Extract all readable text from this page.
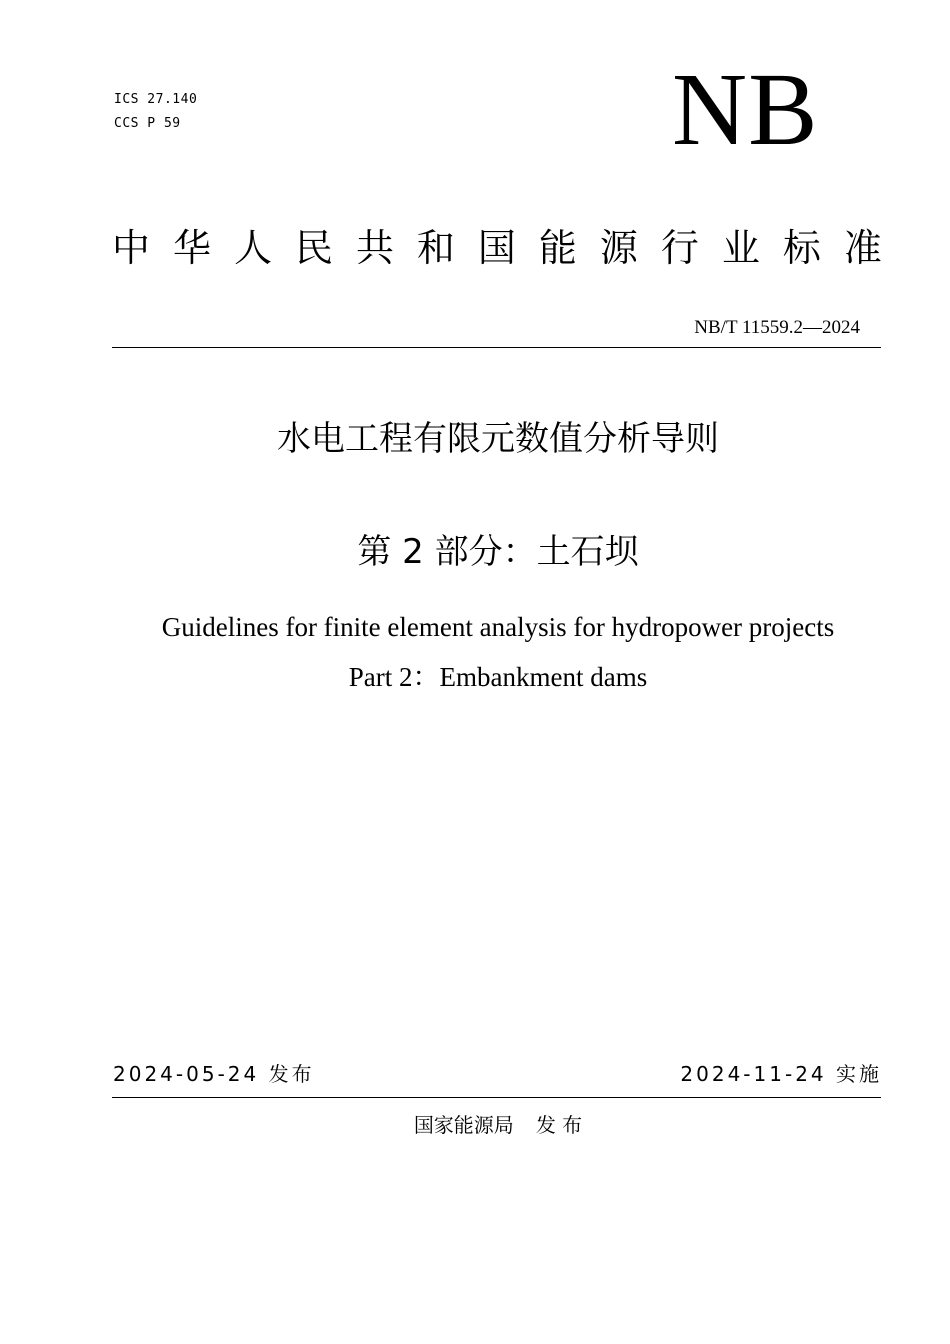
ICS 27.140
CCS P 59	NB
中 华 人 民 共 和 国 能 源 行 业 标 准
NB/T 11559.2—2024
水电工程有限元数值分析导则
第 2 部分：土石坝
Guidelines for finite element analysis for hydropower projects
Part 2：Embankment dams
2024-05-24 发布	2024-11-24 实施
国家能源局 发 布
